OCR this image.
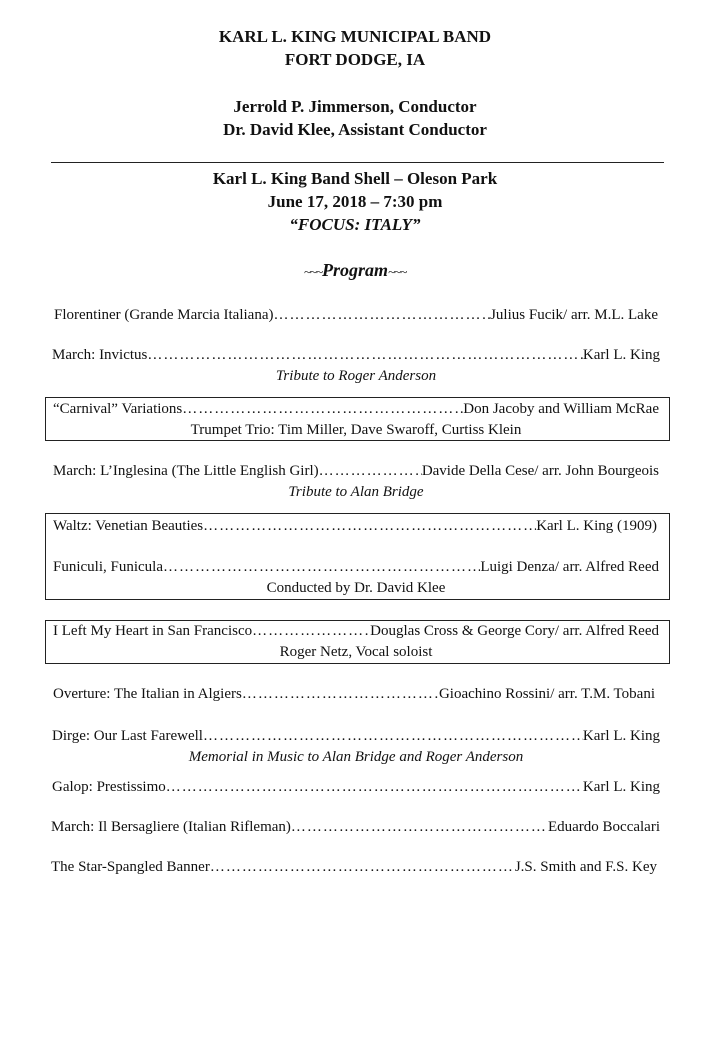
KARL L. KING MUNICIPAL BAND
FORT DODGE, IA
Jerrold P. Jimmerson, Conductor
Dr. David Klee, Assistant Conductor
Karl L. King Band Shell – Oleson Park
June 17, 2018 – 7:30 pm
“FOCUS: ITALY”
~~~Program~~~
Florentiner (Grande Marcia Italiana) …………………………………………………………………………………………………………………………………………	Julius Fucik/ arr. M.L. Lake
March: Invictus …………………………………………………………………………………………………………………………………………	Karl L. King
Tribute to Roger Anderson
“Carnival” Variations …………………………………………………………………………………………………………………………………………	Don Jacoby and William McRae
Trumpet Trio: Tim Miller, Dave Swaroff, Curtiss Klein
March: L’Inglesina (The Little English Girl) …………………………………………………………………………………………………………………………………………	Davide Della Cese/ arr. John Bourgeois
Tribute to Alan Bridge
Waltz: Venetian Beauties …………………………………………………………………………………………………………………………………………	Karl L. King (1909)
Funiculi, Funicula …………………………………………………………………………………………………………………………………………	Luigi Denza/ arr. Alfred Reed
Conducted by Dr. David Klee
I Left My Heart in San Francisco …………………………………………………………………………………………………………………………………………	Douglas Cross & George Cory/ arr. Alfred Reed
Roger Netz, Vocal soloist
Overture: The Italian in Algiers …………………………………………………………………………………………………………………………………………	Gioachino Rossini/ arr. T.M. Tobani
Dirge: Our Last Farewell …………………………………………………………………………………………………………………………………………	Karl L. King
Memorial in Music to Alan Bridge and Roger Anderson
Galop: Prestissimo …………………………………………………………………………………………………………………………………………	Karl L. King
March: Il Bersagliere (Italian Rifleman) …………………………………………………………………………………………………………………………………………	Eduardo Boccalari
The Star-Spangled Banner …………………………………………………………………………………………………………………………………………	J.S. Smith and F.S. Key
